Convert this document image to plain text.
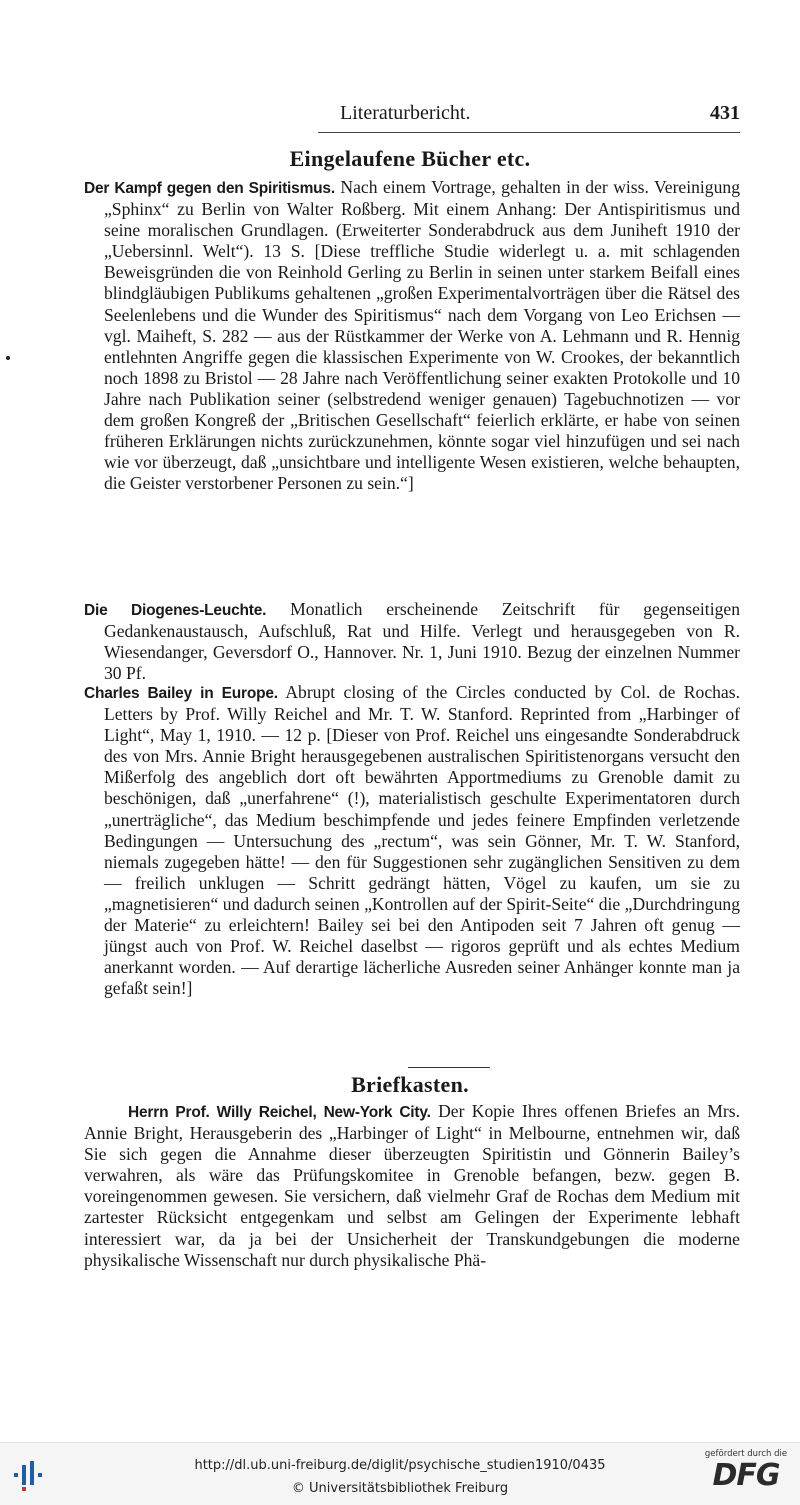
Literaturbericht.	431
Eingelaufene Bücher etc.

Der Kampf gegen den Spiritismus. Nach einem Vortrage, gehalten in der wiss. Vereinigung „Sphinx“ zu Berlin von Walter Roßberg. Mit einem Anhang: Der Antispiritismus und seine moralischen Grundlagen. (Erweiterter Sonderabdruck aus dem Juniheft 1910 der „Uebersinnl. Welt“). 13 S. [Diese treffliche Studie widerlegt u. a. mit schlagenden Beweisgründen die von Reinhold Gerling zu Berlin in seinen unter starkem Beifall eines blindgläubigen Publikums gehaltenen „großen Experimentalvorträgen über die Rätsel des Seelenlebens und die Wunder des Spiritismus“ nach dem Vorgang von Leo Erichsen — vgl. Maiheft, S. 282 — aus der Rüstkammer der Werke von A. Lehmann und R. Hennig entlehnten Angriffe gegen die klassischen Experimente von W. Crookes, der bekanntlich noch 1898 zu Bristol — 28 Jahre nach Veröffentlichung seiner exakten Protokolle und 10 Jahre nach Publikation seiner (selbstredend weniger genauen) Tagebuchnotizen — vor dem großen Kongreß der „Britischen Gesellschaft“ feierlich erklärte, er habe von seinen früheren Erklärungen nichts zurückzunehmen, könnte sogar viel hinzufügen und sei nach wie vor überzeugt, daß „unsichtbare und intelligente Wesen existieren, welche behaupten, die Geister verstorbener Personen zu sein.“]

Die Diogenes-Leuchte. Monatlich erscheinende Zeitschrift für gegenseitigen Gedankenaustausch, Aufschluß, Rat und Hilfe. Verlegt und herausgegeben von R. Wiesendanger, Geversdorf O., Hannover. Nr. 1, Juni 1910. Bezug der einzelnen Nummer 30 Pf.

Charles Bailey in Europe. Abrupt closing of the Circles conducted by Col. de Rochas. Letters by Prof. Willy Reichel and Mr. T. W. Stanford. Reprinted from „Harbinger of Light“, May 1, 1910. — 12 p. [Dieser von Prof. Reichel uns eingesandte Sonderabdruck des von Mrs. Annie Bright herausgegebenen australischen Spiritistenorgans versucht den Mißerfolg des angeblich dort oft bewährten Apportmediums zu Grenoble damit zu beschönigen, daß „unerfahrene“ (!), materialistisch geschulte Experimentatoren durch „unerträgliche“, das Medium beschimpfende und jedes feinere Empfinden verletzende Bedingungen — Untersuchung des „rectum“, was sein Gönner, Mr. T. W. Stanford, niemals zugegeben hätte! — den für Suggestionen sehr zugänglichen Sensitiven zu dem — freilich unklugen — Schritt gedrängt hätten, Vögel zu kaufen, um sie zu „magnetisieren“ und dadurch seinen „Kontrollen auf der Spirit-Seite“ die „Durchdringung der Materie“ zu erleichtern! Bailey sei bei den Antipoden seit 7 Jahren oft genug — jüngst auch von Prof. W. Reichel daselbst — rigoros geprüft und als echtes Medium anerkannt worden. — Auf derartige lächerliche Ausreden seiner Anhänger konnte man ja gefaßt sein!]

Briefkasten.

Herrn Prof. Willy Reichel, New-York City. Der Kopie Ihres offenen Briefes an Mrs. Annie Bright, Herausgeberin des „Harbinger of Light“ in Melbourne, entnehmen wir, daß Sie sich gegen die Annahme dieser überzeugten Spiritistin und Gönnerin Bailey’s verwahren, als wäre das Prüfungskomitee in Grenoble befangen, bezw. gegen B. voreingenommen gewesen. Sie versichern, daß vielmehr Graf de Rochas dem Medium mit zartester Rücksicht entgegenkam und selbst am Gelingen der Experimente lebhaft interessiert war, da ja bei der Unsicherheit der Transkundgebungen die moderne physikalische Wissenschaft nur durch physikalische Phä-

http://dl.ub.uni-freiburg.de/diglit/psychische_studien1910/0435
© Universitätsbibliothek Freiburg
gefördert durch die
DFG
